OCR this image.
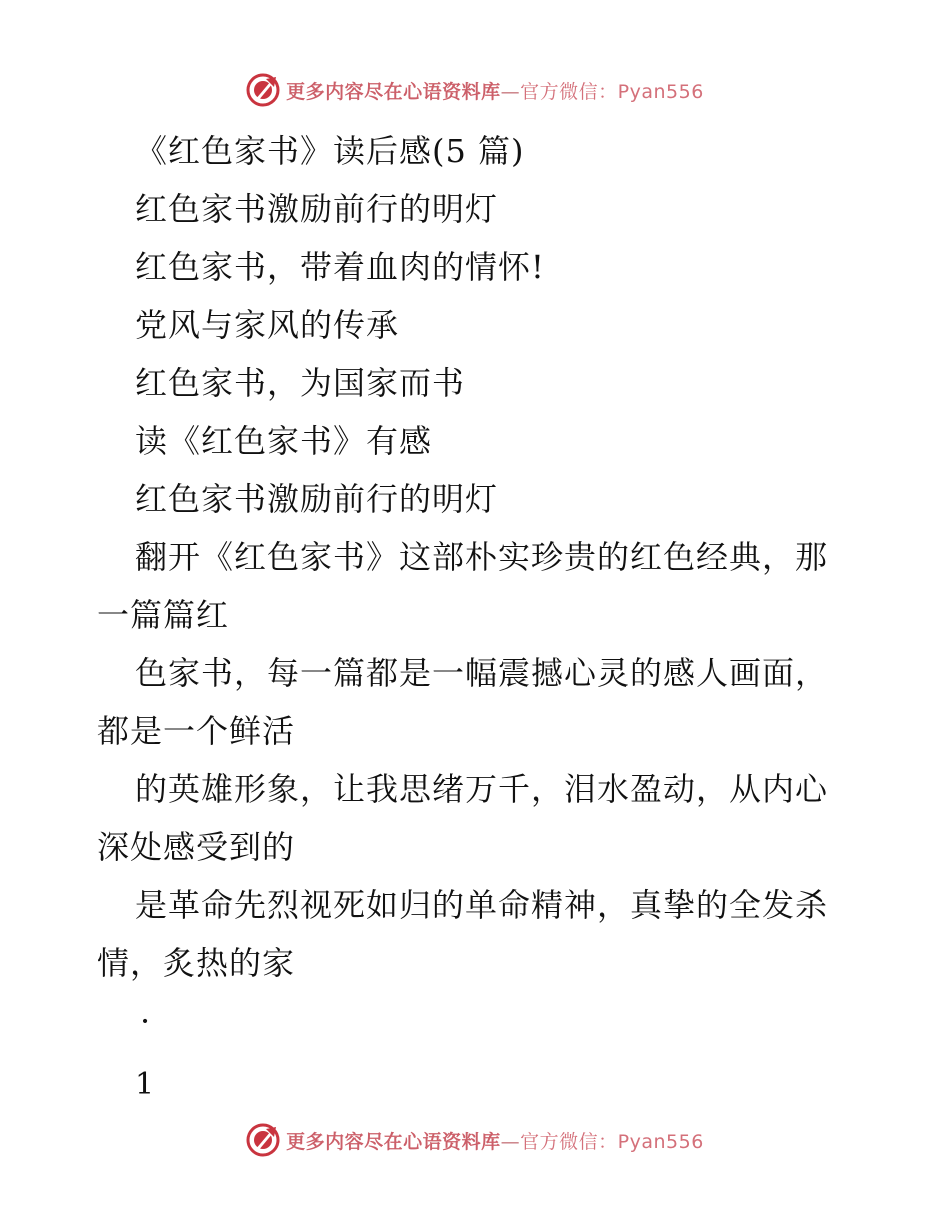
更多内容尽在心语资料库—官方微信：Pyan556

《红色家书》读后感(5 篇)

红色家书激励前行的明灯

红色家书，带着血肉的情怀!

党风与家风的传承

红色家书，为国家而书

读《红色家书》有感

红色家书激励前行的明灯

翻开《红色家书》这部朴实珍贵的红色经典，那

一篇篇红

色家书，每一篇都是一幅震撼心灵的感人画面，

都是一个鲜活

的英雄形象，让我思绪万千，泪水盈动，从内心

深处感受到的

是革命先烈视死如归的单命精神，真挚的全发杀

情，炙热的家

·

1

更多内容尽在心语资料库—官方微信：Pyan556
